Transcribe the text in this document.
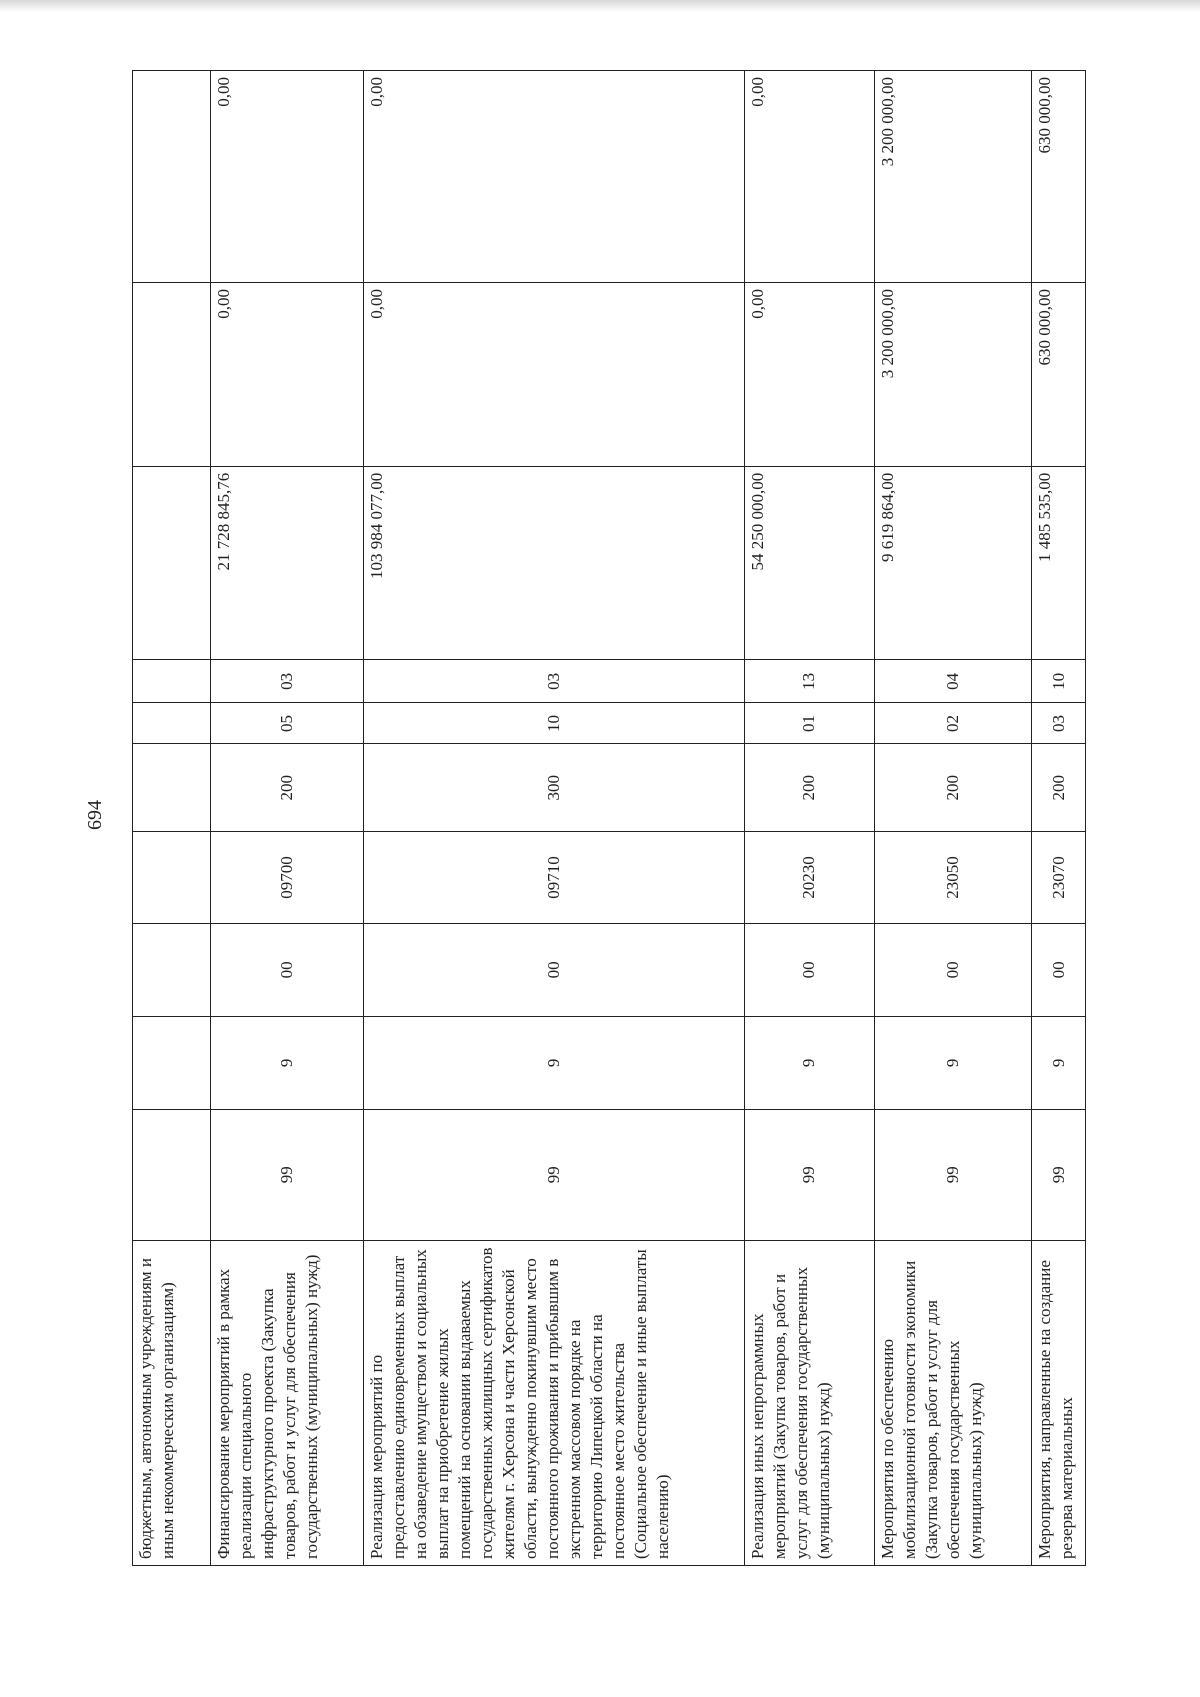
694
бюджетным, автономным учреждениям и иным некоммерческим организациям)										
Финансирование мероприятий в рамках реализации специального инфраструктурного проекта (Закупка товаров, работ и услуг для обеспечения государственных (муниципальных) нужд)	99	9	00	09700	200	05	03	21 728 845,76	0,00	0,00
Реализация мероприятий по предоставлению единовременных выплат на обзаведение имуществом и социальных выплат на приобретение жилых помещений на основании выдаваемых государственных жилищных сертификатов жителям г. Херсона и части Херсонской области, вынужденно покинувшим место постоянного проживания и прибывшим в экстренном массовом порядке на территорию Липецкой области на постоянное место жительства (Социальное обеспечение и иные выплаты населению)	99	9	00	09710	300	10	03	103 984 077,00	0,00	0,00
Реализация иных непрограммных мероприятий (Закупка товаров, работ и услуг для обеспечения государственных (муниципальных) нужд)	99	9	00	20230	200	01	13	54 250 000,00	0,00	0,00
Мероприятия по обеспечению мобилизационной готовности экономики (Закупка товаров, работ и услуг для обеспечения государственных (муниципальных) нужд)	99	9	00	23050	200	02	04	9 619 864,00	3 200 000,00	3 200 000,00
Мероприятия, направленные на создание резерва материальных	99	9	00	23070	200	03	10	1 485 535,00	630 000,00	630 000,00
